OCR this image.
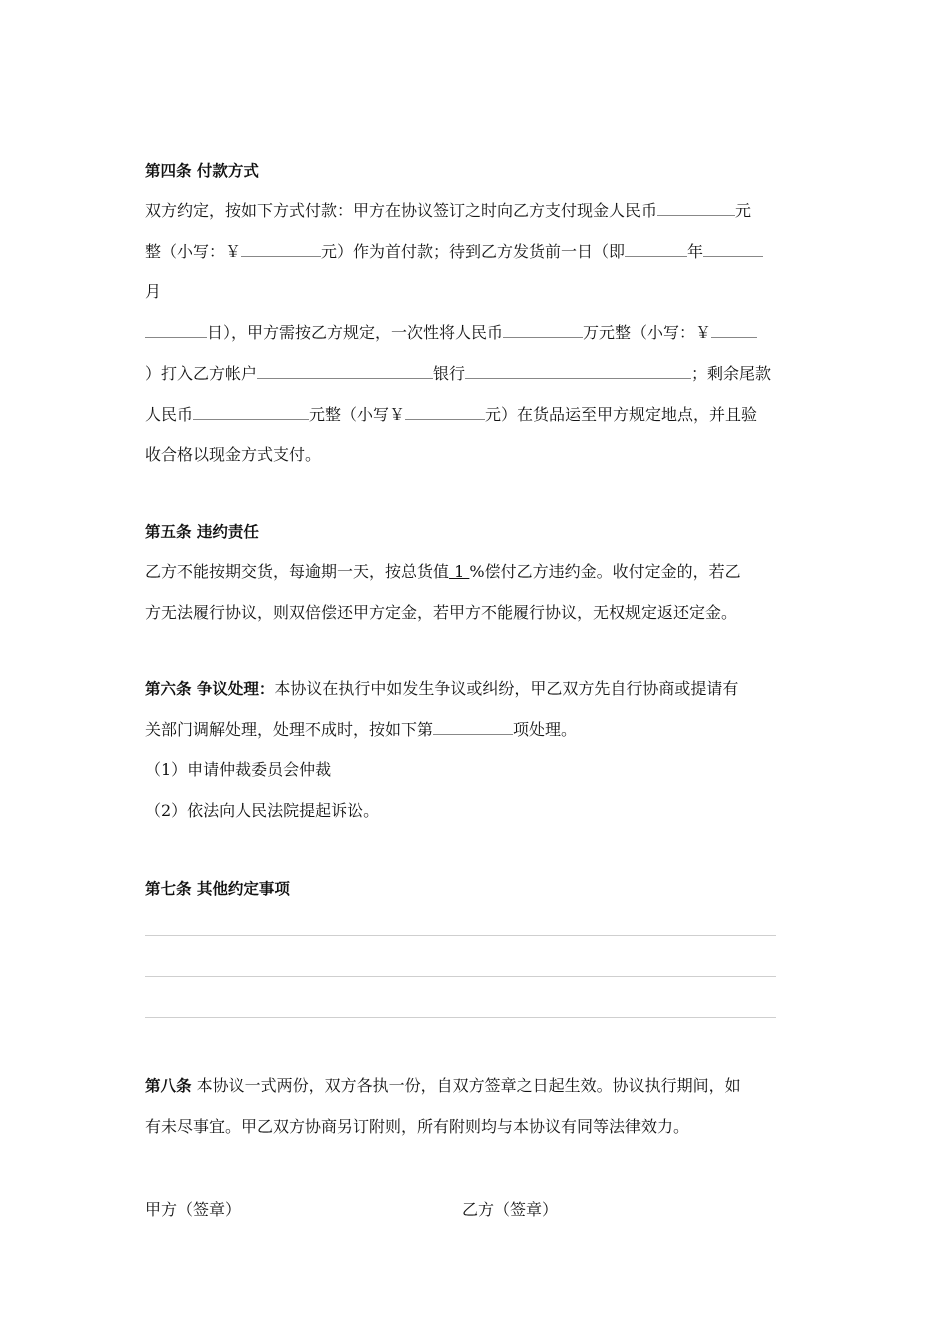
第四条 付款方式
双方约定，按如下方式付款：甲方在协议签订之时向乙方支付现金人民币	元
整（小写：￥	元）作为首付款；待到乙方发货前一日（即	年
月
日），甲方需按乙方规定，一次性将人民币	万元整（小写：￥
）打入乙方帐户	银行	；剩余尾款
人民币	元整（小写￥	元）在货品运至甲方规定地点，并且验
收合格以现金方式支付。
第五条 违约责任
乙方不能按期交货，每逾期一天，按总货值 1 %偿付乙方违约金。收付定金的，若乙
方无法履行协议，则双倍偿还甲方定金，若甲方不能履行协议，无权规定返还定金。
第六条 争议处理：本协议在执行中如发生争议或纠纷，甲乙双方先自行协商或提请有
关部门调解处理，处理不成时，按如下第	项处理。
（1）申请仲裁委员会仲裁
（2）依法向人民法院提起诉讼。
第七条 其他约定事项
第八条 本协议一式两份，双方各执一份，自双方签章之日起生效。协议执行期间，如
有未尽事宜。甲乙双方协商另订附则，所有附则均与本协议有同等法律效力。
甲方（签章）	乙方（签章）
